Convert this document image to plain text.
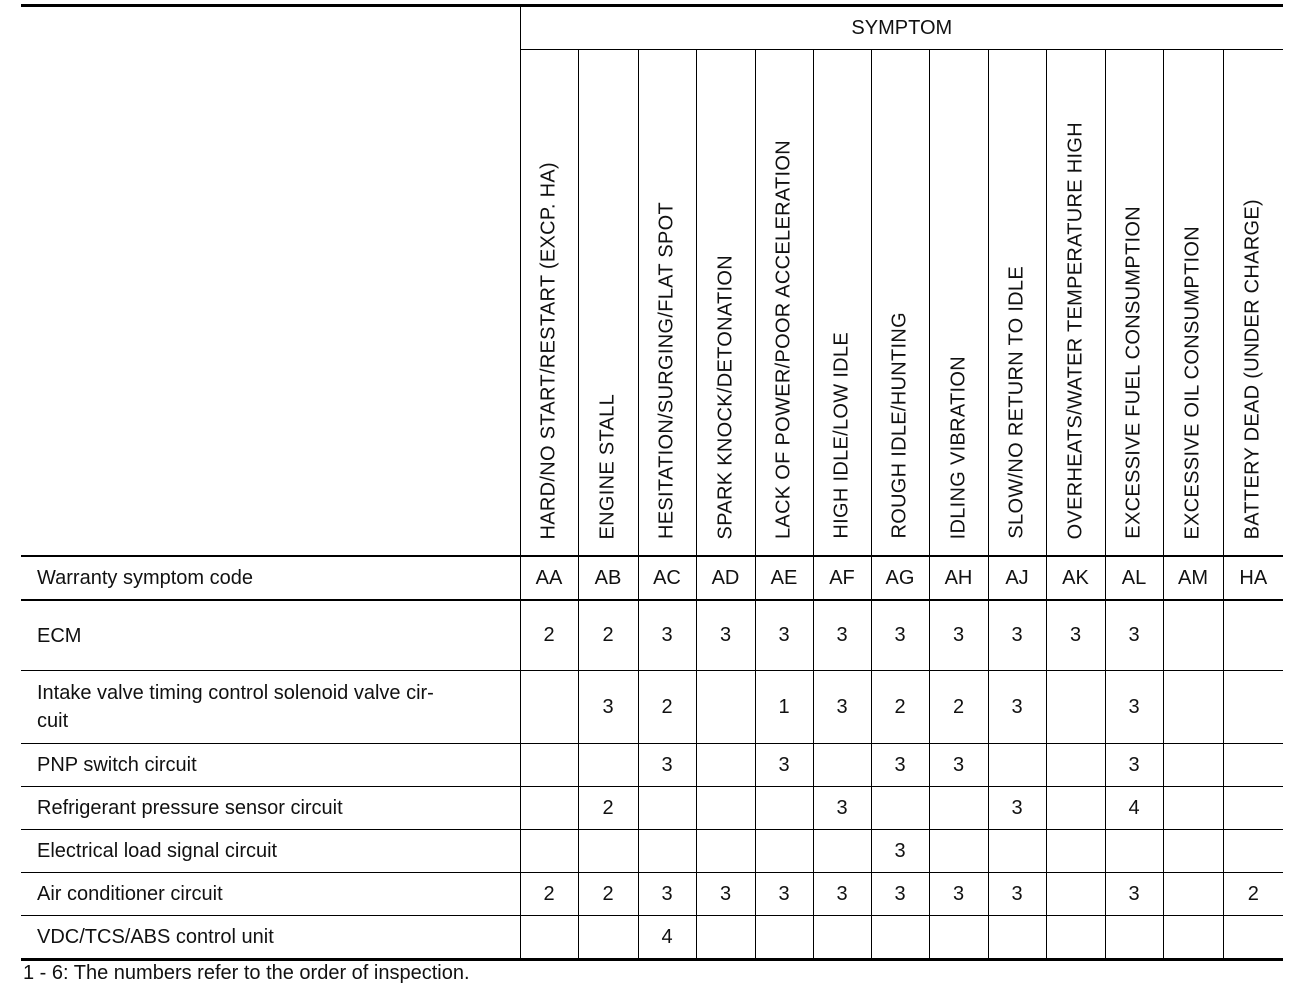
	SYMPTOM												

	HARD/NO START/RESTART (EXCP. HA)	ENGINE STALL	HESITATION/SURGING/FLAT SPOT	SPARK KNOCK/DETONATION	LACK OF POWER/POOR ACCELERATION	HIGH IDLE/LOW IDLE	ROUGH IDLE/HUNTING	IDLING VIBRATION	SLOW/NO RETURN TO IDLE	OVERHEATS/WATER TEMPERATURE HIGH	EXCESSIVE FUEL CONSUMPTION	EXCESSIVE OIL CONSUMPTION	BATTERY DEAD (UNDER CHARGE)

Warranty symptom code	AA	AB	AC	AD	AE	AF	AG	AH	AJ	AK	AL	AM	HA
ECM	2	2	3	3	3	3	3	3	3	3	3		
Intake valve timing control solenoid valve cir-
cuit		3	2		1	3	2	2	3		3		
PNP switch circuit			3		3		3	3			3		
Refrigerant pressure sensor circuit		2				3			3		4		
Electrical load signal circuit							3						
Air conditioner circuit	2	2	3	3	3	3	3	3	3		3		2
VDC/TCS/ABS control unit			4										
1 - 6: The numbers refer to the order of inspection.
